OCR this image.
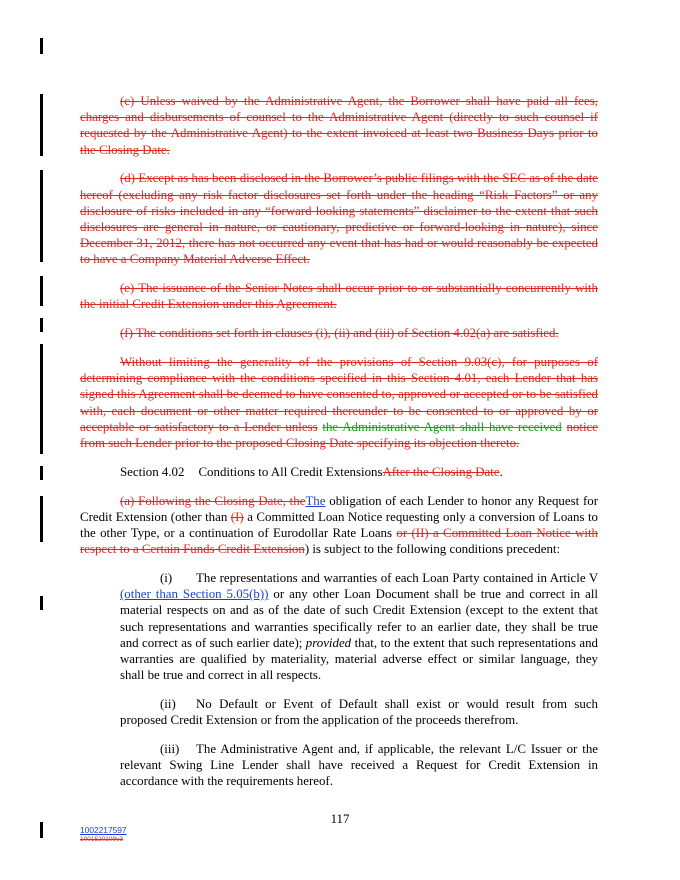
(c) Unless waived by the Administrative Agent, the Borrower shall have paid all fees, charges and disbursements of counsel to the Administrative Agent (directly to such counsel if requested by the Administrative Agent) to the extent invoiced at least two Business Days prior to the Closing Date.

(d) Except as has been disclosed in the Borrower’s public filings with the SEC as of the date hereof (excluding any risk factor disclosures set forth under the heading “Risk Factors” or any disclosure of risks included in any “forward looking statements” disclaimer to the extent that such disclosures are general in nature, or cautionary, predictive or forward-looking in nature), since December 31, 2012, there has not occurred any event that has had or would reasonably be expected to have a Company Material Adverse Effect.

(e) The issuance of the Senior Notes shall occur prior to or substantially concurrently with the initial Credit Extension under this Agreement.

(f) The conditions set forth in clauses (i), (ii) and (iii) of Section 4.02(a) are satisfied.

Without limiting the generality of the provisions of Section 9.03(c), for purposes of determining compliance with the conditions specified in this Section 4.01, each Lender that has signed this Agreement shall be deemed to have consented to, approved or accepted or to be satisfied with, each document or other matter required thereunder to be consented to or approved by or acceptable or satisfactory to a Lender unless the Administrative Agent shall have received notice from such Lender prior to the proposed Closing Date specifying its objection thereto.

Section 4.02 Conditions to All Credit ExtensionsAfter the Closing Date.

(a) Following the Closing Date, theThe obligation of each Lender to honor any Request for Credit Extension (other than (I) a Committed Loan Notice requesting only a conversion of Loans to the other Type, or a continuation of Eurodollar Rate Loans or (II) a Committed Loan Notice with respect to a Certain Funds Credit Extension) is subject to the following conditions precedent:

(i) The representations and warranties of each Loan Party contained in Article V (other than Section 5.05(b)) or any other Loan Document shall be true and correct in all material respects on and as of the date of such Credit Extension (except to the extent that such representations and warranties specifically refer to an earlier date, they shall be true and correct as of such earlier date); provided that, to the extent that such representations and warranties are qualified by materiality, material adverse effect or similar language, they shall be true and correct in all respects.

(ii) No Default or Event of Default shall exist or would result from such proposed Credit Extension or from the application of the proceeds therefrom.

(iii) The Administrative Agent and, if applicable, the relevant L/C Issuer or the relevant Swing Line Lender shall have received a Request for Credit Extension in accordance with the requirements hereof.

117
1002217597
1001520109v3
